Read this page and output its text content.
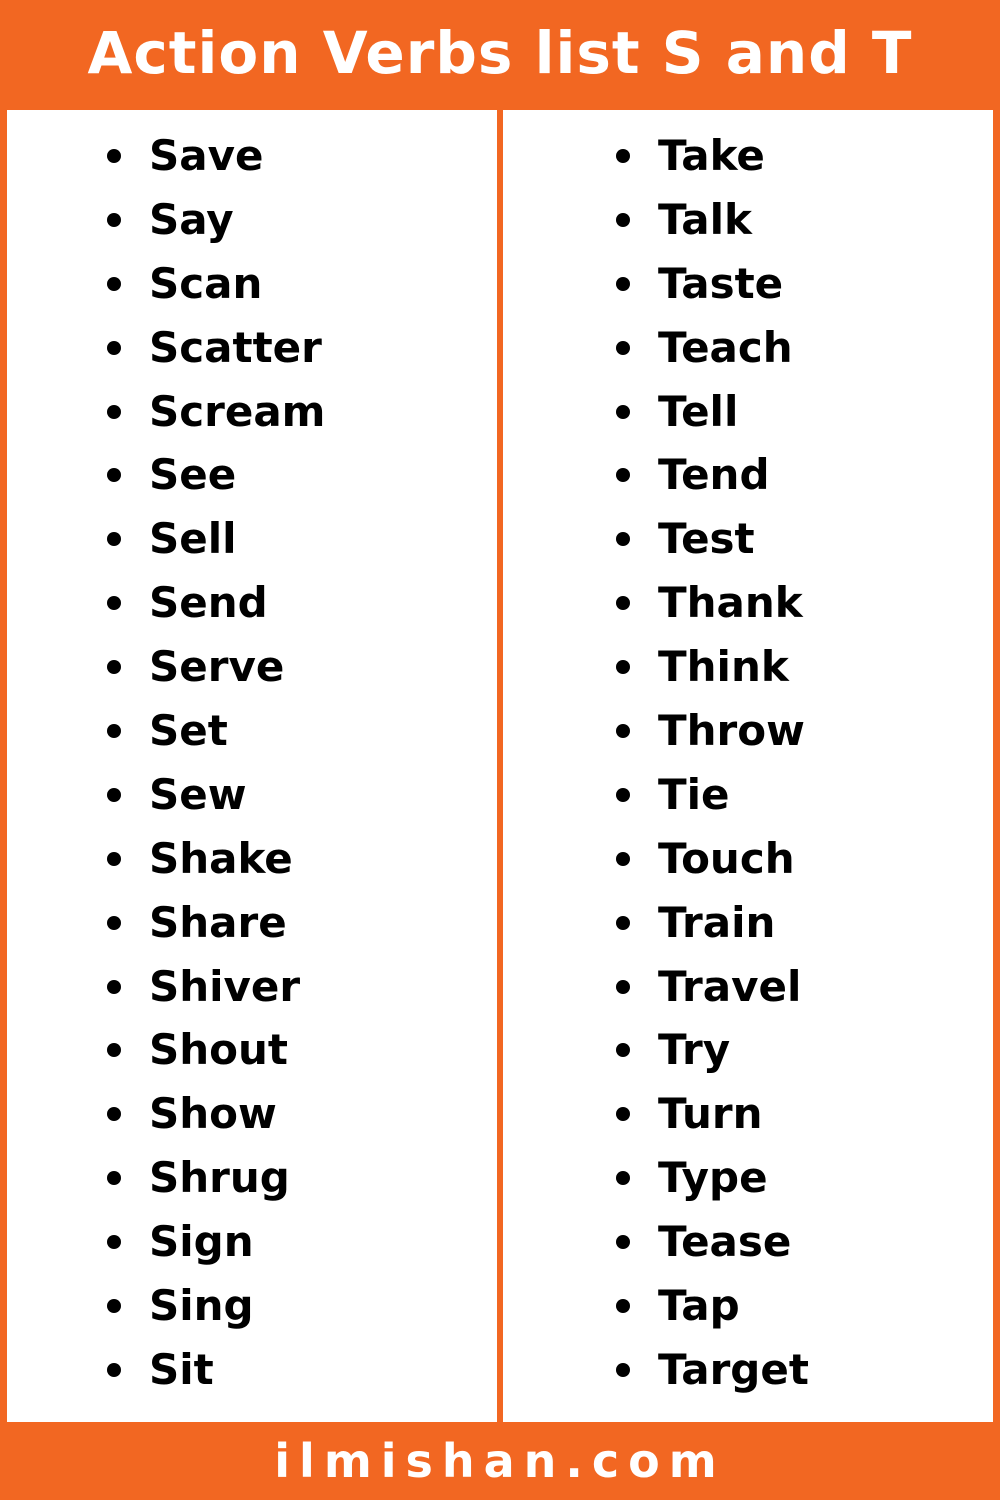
Action Verbs list S and T
Save
Say
Scan
Scatter
Scream
See
Sell
Send
Serve
Set
Sew
Shake
Share
Shiver
Shout
Show
Shrug
Sign
Sing
Sit
Take
Talk
Taste
Teach
Tell
Tend
Test
Thank
Think
Throw
Tie
Touch
Train
Travel
Try
Turn
Type
Tease
Tap
Target
ilmishan.com
